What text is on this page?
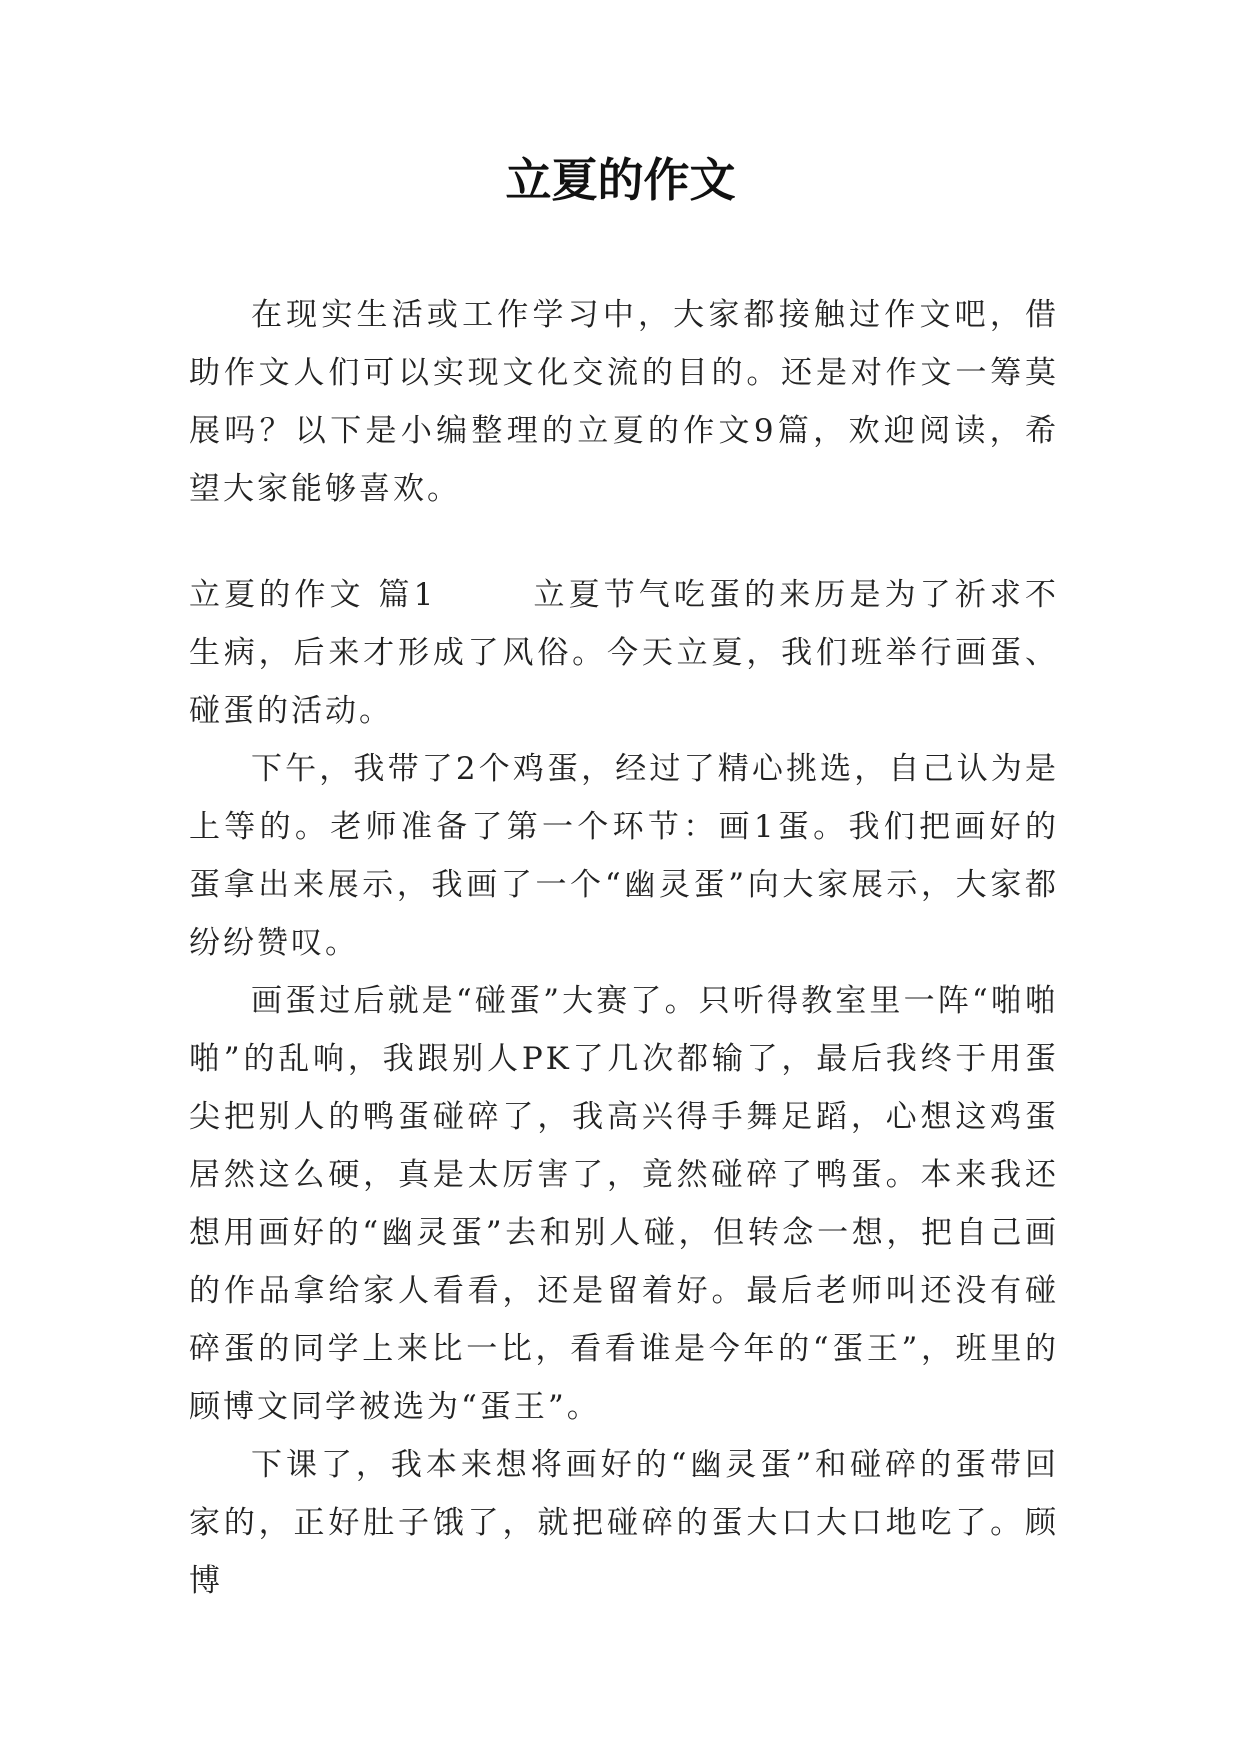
立夏的作文

在现实生活或工作学习中，大家都接触过作文吧，借助作文人们可以实现文化交流的目的。还是对作文一筹莫展吗？以下是小编整理的立夏的作文9篇，欢迎阅读，希望大家能够喜欢。

立夏的作文 篇1	立夏节气吃蛋的来历是为了祈求不生病，后来才形成了风俗。今天立夏，我们班举行画蛋、碰蛋的活动。

下午，我带了2个鸡蛋，经过了精心挑选，自己认为是上等的。老师准备了第一个环节：画1蛋。我们把画好的蛋拿出来展示，我画了一个“幽灵蛋”向大家展示，大家都纷纷赞叹。

画蛋过后就是“碰蛋”大赛了。只听得教室里一阵“啪啪啪”的乱响，我跟别人PK了几次都输了，最后我终于用蛋尖把别人的鸭蛋碰碎了，我高兴得手舞足蹈，心想这鸡蛋居然这么硬，真是太厉害了，竟然碰碎了鸭蛋。本来我还想用画好的“幽灵蛋”去和别人碰，但转念一想，把自己画的作品拿给家人看看，还是留着好。最后老师叫还没有碰碎蛋的同学上来比一比，看看谁是今年的“蛋王”，班里的顾博文同学被选为“蛋王”。

下课了，我本来想将画好的“幽灵蛋”和碰碎的蛋带回家的，正好肚子饿了，就把碰碎的蛋大口大口地吃了。顾博
